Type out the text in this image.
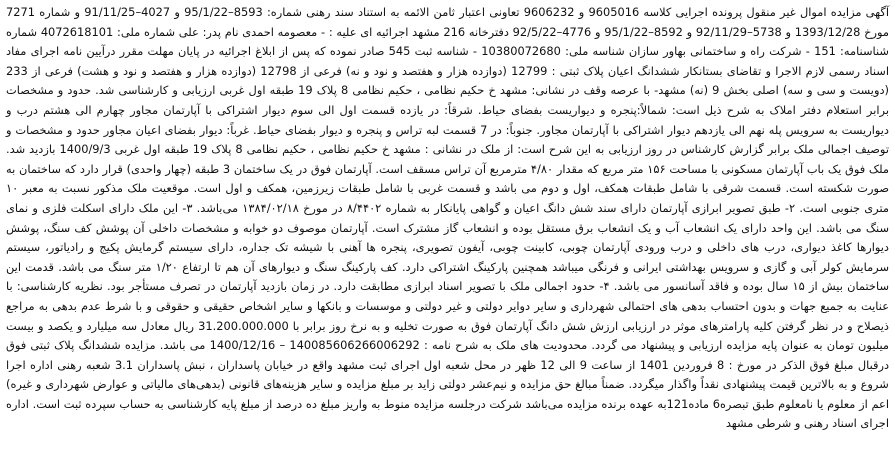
آگهی مزایده اموال غیر منقول پرونده اجرایی کلاسه 9605016 و 9606232 تعاونی اعتبار ثامن الائمه به استناد سند رهنی شماره: 8593–95/1/22 و 4027–91/11/25 و شماره 7271 مورخ 1393/12/28 و 5738–92/11/29 و 8592–95/1/22 و 4776–92/5/22 دفترخانه 216 مشهد اجرائیه ای علیه : - معصومه احمدی نام پدر: علی شماره ملی: 4072618101 شماره شناسنامه: 151 - شرکت راه و ساختمانی بهاور سازان شناسه ملی: 10380072680 - شناسه ثبت 545 صادر نموده که پس از ابلاغ اجرائیه در پایان مهلت مقرر درآیین نامه اجرای مفاد اسناد رسمی لازم الاجرا و تقاضای بستانکار ششدانگ اعیان پلاک ثبتی : 12799 (دوازده هزار و هفتصد و نود و نه) فرعی از 12798 (دوازده هزار و هفتصد و نود و هشت) فرعی از 233 (دویست و سی و سه) اصلی بخش 9 (نه) مشهد- با عرصه وقف در نشانی: مشهد خ حکیم نظامی ، حکیم نظامی 8 پلاک 19 طبقه اول غربی ارزیابی و کارشناسی شد. حدود و مشخصات برابر استعلام دفتر املاک به شرح ذیل است: شمالاً:پنجره و دیواریست بفضای حیاط. شرقاً: در یازده قسمت اول الی سوم دیوار اشتراکی با آپارتمان مجاور چهارم الی هشتم درب و دیواریست به سرویس پله نهم الی یازدهم دیوار اشتراکی با آپارتمان مجاور. جنوباً: در 7 قسمت لبه تراس و پنجره و دیوار بفضای حیاط. غرباً: دیوار بفضای اعیان مجاور حدود و مشخصات و توصیف اجمالی ملک برابر گزارش کارشناس در روز ارزیابی به این شرح است: از ملک در نشانی : مشهد خ حکیم نظامی ، حکیم نظامی 8 پلاک 19 طبقه اول غربی 1400/9/3 بازدید شد. ملک فوق یک باب آپارتمان مسکونی با مساحت ۱۵۶ متر مربع که مقدار ۴/۸۰ مترمربع آن تراس مسقف است. آپارتمان فوق در یک ساختمان 3 طبقه (چهار واحدی) قرار دارد که ساختمان به صورت شکسته است. قسمت شرقی با شامل طبقات همکف، اول و دوم می باشد و قسمت غربی با شامل طبقات زیرزمین، همکف و اول است. موقعیت ملک مذکور نسبت به معبر ۱۰ متری جنوبی است. ۲- طبق تصویر ابرازی آپارتمان دارای سند شش دانگ اعیان و گواهی پایانکار به شماره ۸/۴۴۰۲ در مورخ ۱۳۸۴/۰۲/۱۸ می‌باشد. ۳- این ملک دارای اسکلت فلزی و نمای سنگ می باشد. این واحد دارای یک انشعاب آب و یک انشعاب برق مستقل بوده و انشعاب گاز مشترک است. آپارتمان موصوف دو خوابه و مشخصات داخلی آن پوشش کف سنگ، پوشش دیوارها کاغذ دیواری، درب های داخلی و درب ورودی آپارتمان چوبی، کابینت چوبی، آیفون تصویری، پنجره ها آهنی با شیشه تک جداره، دارای سیستم گرمایش پکیج و رادیاتور، سیستم سرمایش کولر آبی و گازی و سرویس بهداشتی ایرانی و فرنگی میباشد همچنین پارکینگ اشتراکی دارد. کف پارکینگ سنگ و دیوارهای آن هم تا ارتفاع ۱/۲۰ متر سنگ می باشد. قدمت این ساختمان بیش از ۱۵ سال بوده و فاقد آسانسور می باشد. ۴- حدود اجمالی ملک با تصویر اسناد ابرازی مطابقت دارد. در زمان بازدید آپارتمان در تصرف مستأجر بود. نظریه کارشناسی: با عنایت به جمیع جهات و بدون احتساب بدهی های احتمالی شهرداری و سایر دوایر دولتی و غیر دولتی و موسسات و بانکها و سایر اشخاص حقیقی و حقوقی و با شرط عدم بدهی به مراجع ذیصلاح و در نظر گرفتن کلیه پارامترهای موثر در ارزیابی ارزش شش دانگ آپارتمان فوق به صورت تخلیه و به نرخ روز برابر با 31.200.000.000 ریال معادل سه میلیارد و یکصد و بیست میلیون تومان به عنوان پایه مزایده ارزیابی و پیشنهاد می گردد. محدودیت های ملک به شرح نامه : 140085606266006292 – 1400/12/16 می باشد. مزایده ششدانگ پلاک ثبتی فوق درقبال مبلغ فوق الذکر در مورخ : 8 فروردین 1401 از ساعت 9 الی 12 ظهر در محل شعبه اول اجرای ثبت مشهد واقع در خیابان پاسداران ، نبش پاسداران 3.1 شعبه رهنی اداره اجرا شروع و به بالاترین قیمت پیشنهادی نقداً واگذار میگردد. ضمناً مبالغ حق مزایده و نیم‌عشر دولتی زاید بر مبلغ مزایده و سایر هزینه‌های قانونی (بدهی‌های مالیاتی و عوارض شهرداری و غیره) اعم از معلوم یا نامعلوم طبق تبصره6 ماده121به عهده برنده مزایده می‌باشد شرکت درجلسه مزایده منوط به واریز مبلغ ده درصد از مبلغ پایه کارشناسی به حساب سپرده ثبت است. اداره اجرای اسناد رهنی و شرطی مشهد
